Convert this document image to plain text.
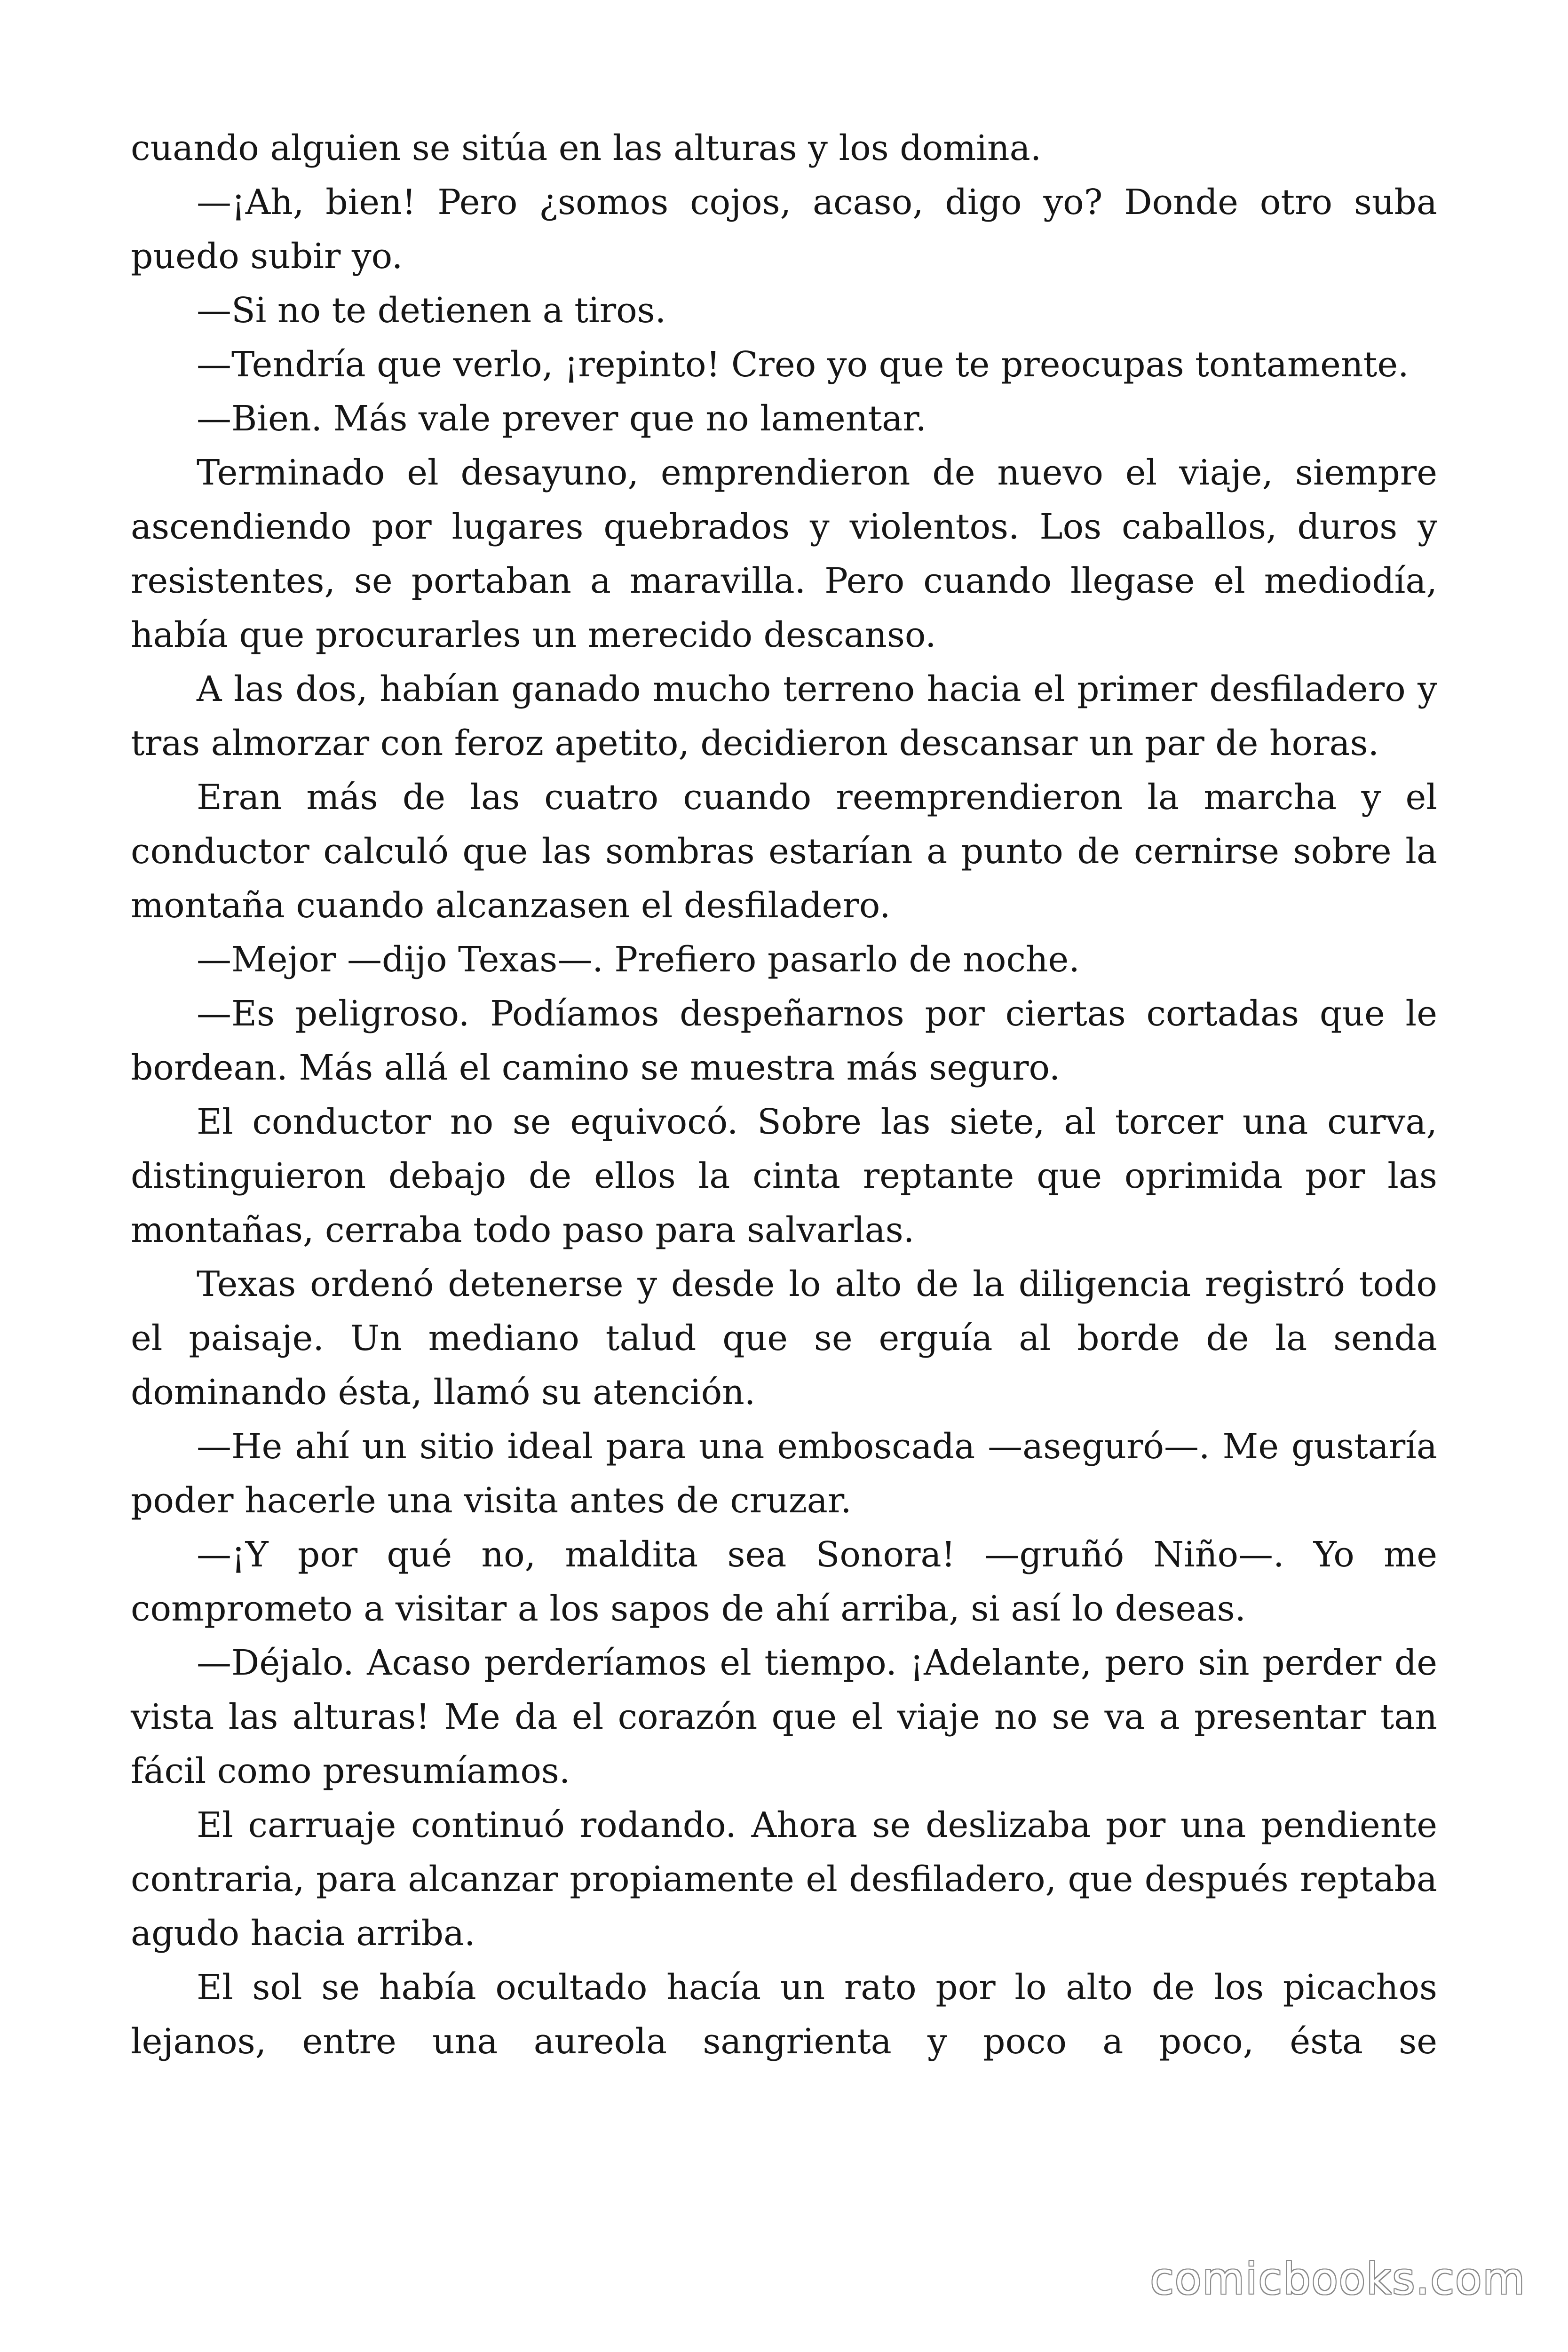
cuando alguien se sitúa en las alturas y los domina.

—¡Ah, bien! Pero ¿somos cojos, acaso, digo yo? Donde otro suba puedo subir yo.

—Si no te detienen a tiros.

—Tendría que verlo, ¡repinto! Creo yo que te preocupas tontamente.

—Bien. Más vale prever que no lamentar.

Terminado el desayuno, emprendieron de nuevo el viaje, siempre ascendiendo por lugares quebrados y violentos. Los caballos, duros y resistentes, se portaban a maravilla. Pero cuando llegase el mediodía, había que procurarles un merecido descanso.

A las dos, habían ganado mucho terreno hacia el primer desfiladero y tras almorzar con feroz apetito, decidieron descansar un par de horas.

Eran más de las cuatro cuando reemprendieron la marcha y el conductor calculó que las sombras estarían a punto de cernirse sobre la montaña cuando alcanzasen el desfiladero.

—Mejor —dijo Texas—. Prefiero pasarlo de noche.

—Es peligroso. Podíamos despeñarnos por ciertas cortadas que le bordean. Más allá el camino se muestra más seguro.

El conductor no se equivocó. Sobre las siete, al torcer una curva, distinguieron debajo de ellos la cinta reptante que oprimida por las montañas, cerraba todo paso para salvarlas.

Texas ordenó detenerse y desde lo alto de la diligencia registró todo el paisaje. Un mediano talud que se erguía al borde de la senda dominando ésta, llamó su atención.

—He ahí un sitio ideal para una emboscada —aseguró—. Me gustaría poder hacerle una visita antes de cruzar.

—¡Y por qué no, maldita sea Sonora! —gruñó Niño—. Yo me comprometo a visitar a los sapos de ahí arriba, si así lo deseas.

—Déjalo. Acaso perderíamos el tiempo. ¡Adelante, pero sin perder de vista las alturas! Me da el corazón que el viaje no se va a presentar tan fácil como presumíamos.

El carruaje continuó rodando. Ahora se deslizaba por una pendiente contraria, para alcanzar propiamente el desfiladero, que después reptaba agudo hacia arriba.

El sol se había ocultado hacía un rato por lo alto de los picachos lejanos, entre una aureola sangrienta y poco a poco, ésta se

comicbooks.com
